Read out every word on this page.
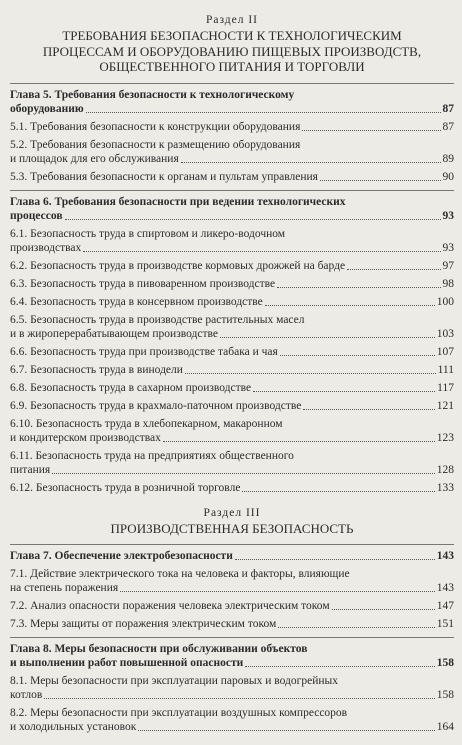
Раздел II
ТРЕБОВАНИЯ БЕЗОПАСНОСТИ К ТЕХНОЛОГИЧЕСКИМ
ПРОЦЕССАМ И ОБОРУДОВАНИЮ ПИЩЕВЫХ ПРОИЗВОДСТВ,
ОБЩЕСТВЕННОГО ПИТАНИЯ И ТОРГОВЛИ
Глава 5. Требования безопасности к технологическому
оборудованию	87
5.1. Требования безопасности к конструкции оборудования	87
5.2. Требования безопасности к размещению оборудования
и площадок для его обслуживания	89
5.3. Требования безопасности к органам и пультам управления	90
Глава 6. Требования безопасности при ведении технологических
процессов	93
6.1. Безопасность труда в спиртовом и ликеро-водочном
производствах	93
6.2. Безопасность труда в производстве кормовых дрожжей на барде	97
6.3. Безопасность труда в пивоваренном производстве	98
6.4. Безопасность труда в консервном производстве	100
6.5. Безопасность труда в производстве растительных масел
и в жироперерабатывающем производстве	103
6.6. Безопасность труда при производстве табака и чая	107
6.7. Безопасность труда в винодели	111
6.8. Безопасность труда в сахарном производстве	117
6.9. Безопасность труда в крахмало-паточном производстве	121
6.10. Безопасность труда в хлебопекарном, макаронном
и кондитерском производствах	123
6.11. Безопасность труда на предприятиях общественного
питания	128
6.12. Безопасность труда в розничной торговле	133
Раздел III
ПРОИЗВОДСТВЕННАЯ БЕЗОПАСНОСТЬ
Глава 7. Обеспечение электробезопасности	143
7.1. Действие электрического тока на человека и факторы, влияющие
на степень поражения	143
7.2. Анализ опасности поражения человека электрическим током	147
7.3. Меры защиты от поражения электрическим током	151
Глава 8. Меры безопасности при обслуживании объектов
и выполнении работ повышенной опасности	158
8.1. Меры безопасности при эксплуатации паровых и водогрейных
котлов	158
8.2. Меры безопасности при эксплуатации воздушных компрессоров
и холодильных установок	164
